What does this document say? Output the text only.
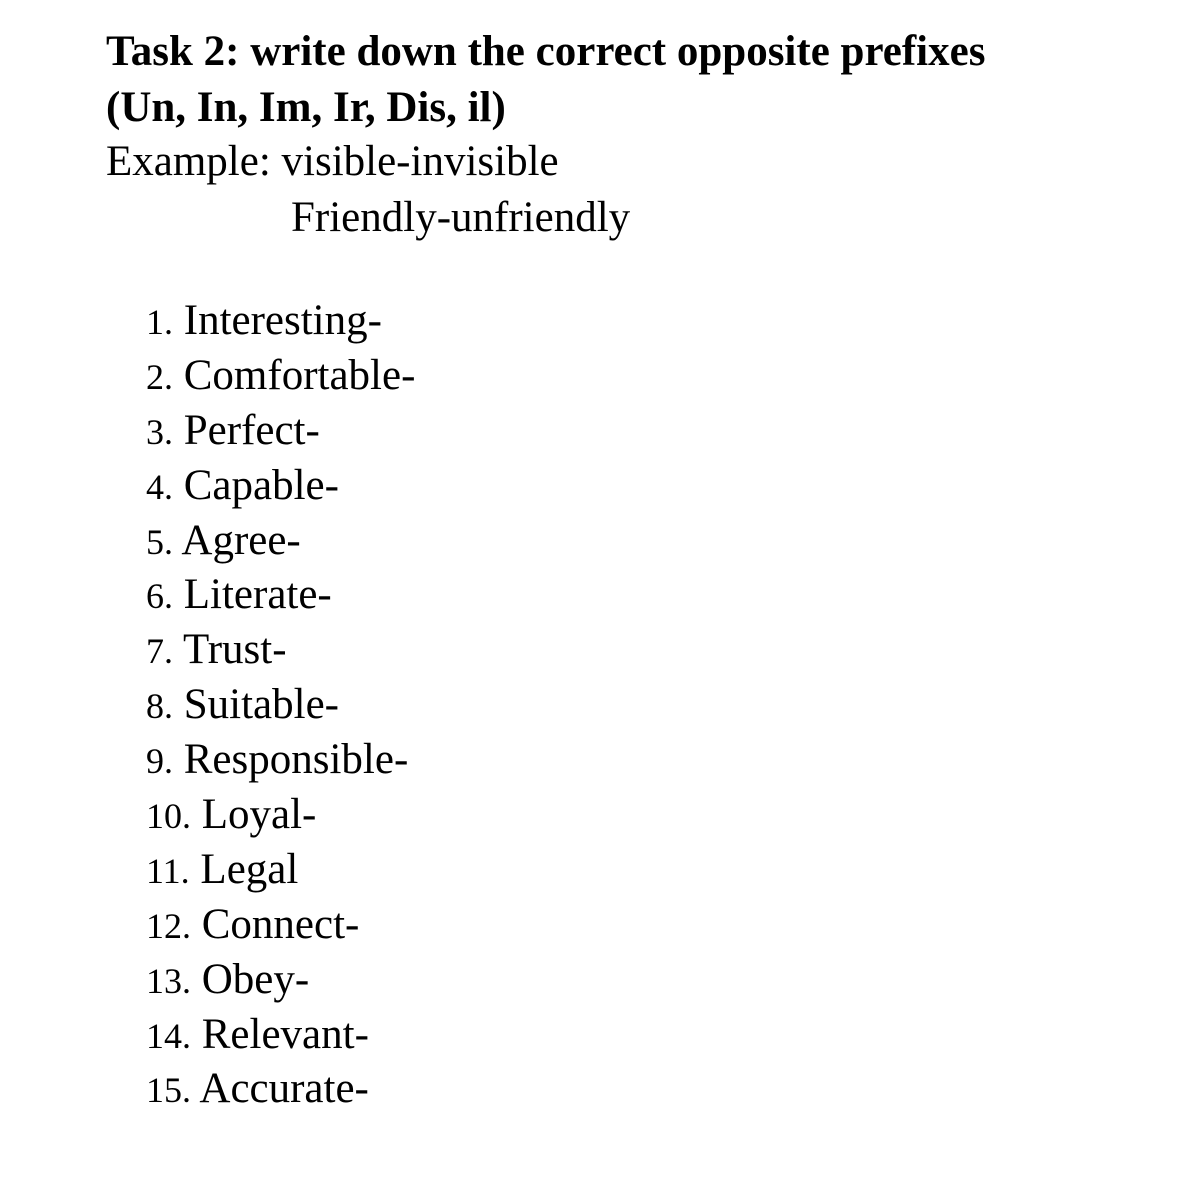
Task 2: write down the correct opposite prefixes
(Un, In, Im, Ir, Dis, il)
Example: visible-invisible
Friendly-unfriendly
1. Interesting-
2. Comfortable-
3. Perfect-
4. Capable-
5. Agree-
6. Literate-
7. Trust-
8. Suitable-
9. Responsible-
10. Loyal-
11. Legal
12. Connect-
13. Obey-
14. Relevant-
15. Accurate-
